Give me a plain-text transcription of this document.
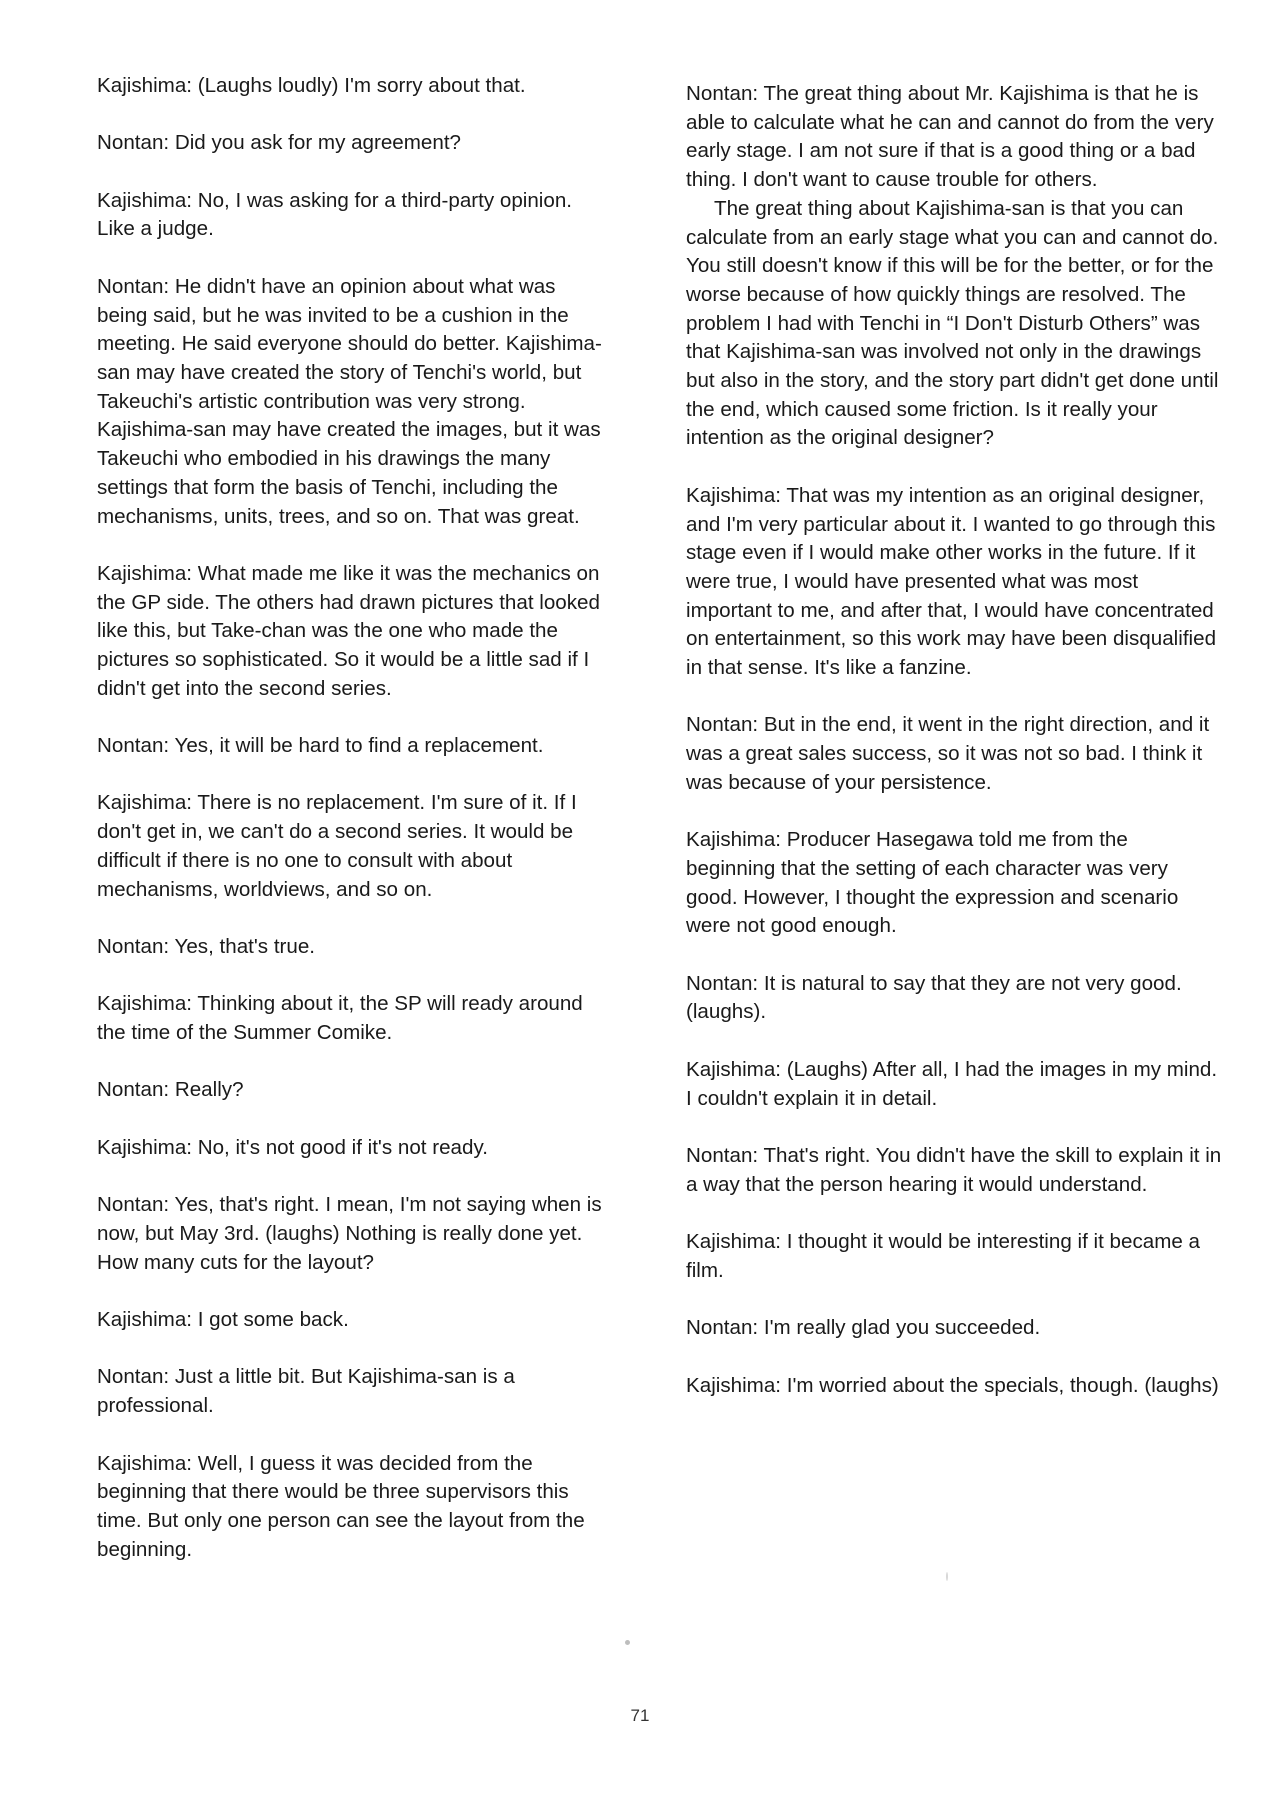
Kajishima: (Laughs loudly) I'm sorry about that.

Nontan: Did you ask for my agreement?

Kajishima: No, I was asking for a third-party opinion. Like a judge.

Nontan: He didn't have an opinion about what was being said, but he was invited to be a cushion in the meeting. He said everyone should do better. Kajishima-san may have created the story of Tenchi's world, but Takeuchi's artistic contribution was very strong. Kajishima-san may have created the images, but it was Takeuchi who embodied in his drawings the many settings that form the basis of Tenchi, including the mechanisms, units, trees, and so on. That was great.

Kajishima: What made me like it was the mechanics on the GP side. The others had drawn pictures that looked like this, but Take-chan was the one who made the pictures so sophisticated. So it would be a little sad if I didn't get into the second series.

Nontan: Yes, it will be hard to find a replacement.

Kajishima: There is no replacement. I'm sure of it. If I don't get in, we can't do a second series. It would be difficult if there is no one to consult with about mechanisms, worldviews, and so on.

Nontan: Yes, that's true.

Kajishima: Thinking about it, the SP will ready around the time of the Summer Comike.

Nontan: Really?

Kajishima: No, it's not good if it's not ready.

Nontan: Yes, that's right. I mean, I'm not saying when is now, but May 3rd. (laughs) Nothing is really done yet. How many cuts for the layout?

Kajishima: I got some back.

Nontan: Just a little bit. But Kajishima-san is a professional.

Kajishima: Well, I guess it was decided from the beginning that there would be three supervisors this time. But only one person can see the layout from the beginning.

Nontan: The great thing about Mr. Kajishima is that he is able to calculate what he can and cannot do from the very early stage. I am not sure if that is a good thing or a bad thing. I don't want to cause trouble for others.
The great thing about Kajishima-san is that you can calculate from an early stage what you can and cannot do. You still doesn't know if this will be for the better, or for the worse because of how quickly things are resolved. The problem I had with Tenchi in “I Don't Disturb Others” was that Kajishima-san was involved not only in the drawings but also in the story, and the story part didn't get done until the end, which caused some friction. Is it really your intention as the original designer?

Kajishima: That was my intention as an original designer, and I'm very particular about it. I wanted to go through this stage even if I would make other works in the future. If it were true, I would have presented what was most important to me, and after that, I would have concentrated on entertainment, so this work may have been disqualified in that sense. It's like a fanzine.

Nontan: But in the end, it went in the right direction, and it was a great sales success, so it was not so bad. I think it was because of your persistence.

Kajishima: Producer Hasegawa told me from the beginning that the setting of each character was very good. However, I thought the expression and scenario were not good enough.

Nontan: It is natural to say that they are not very good. (laughs).

Kajishima: (Laughs) After all, I had the images in my mind. I couldn't explain it in detail.

Nontan: That's right. You didn't have the skill to explain it in a way that the person hearing it would understand.

Kajishima: I thought it would be interesting if it became a film.

Nontan: I'm really glad you succeeded.

Kajishima: I'm worried about the specials, though. (laughs)

71
